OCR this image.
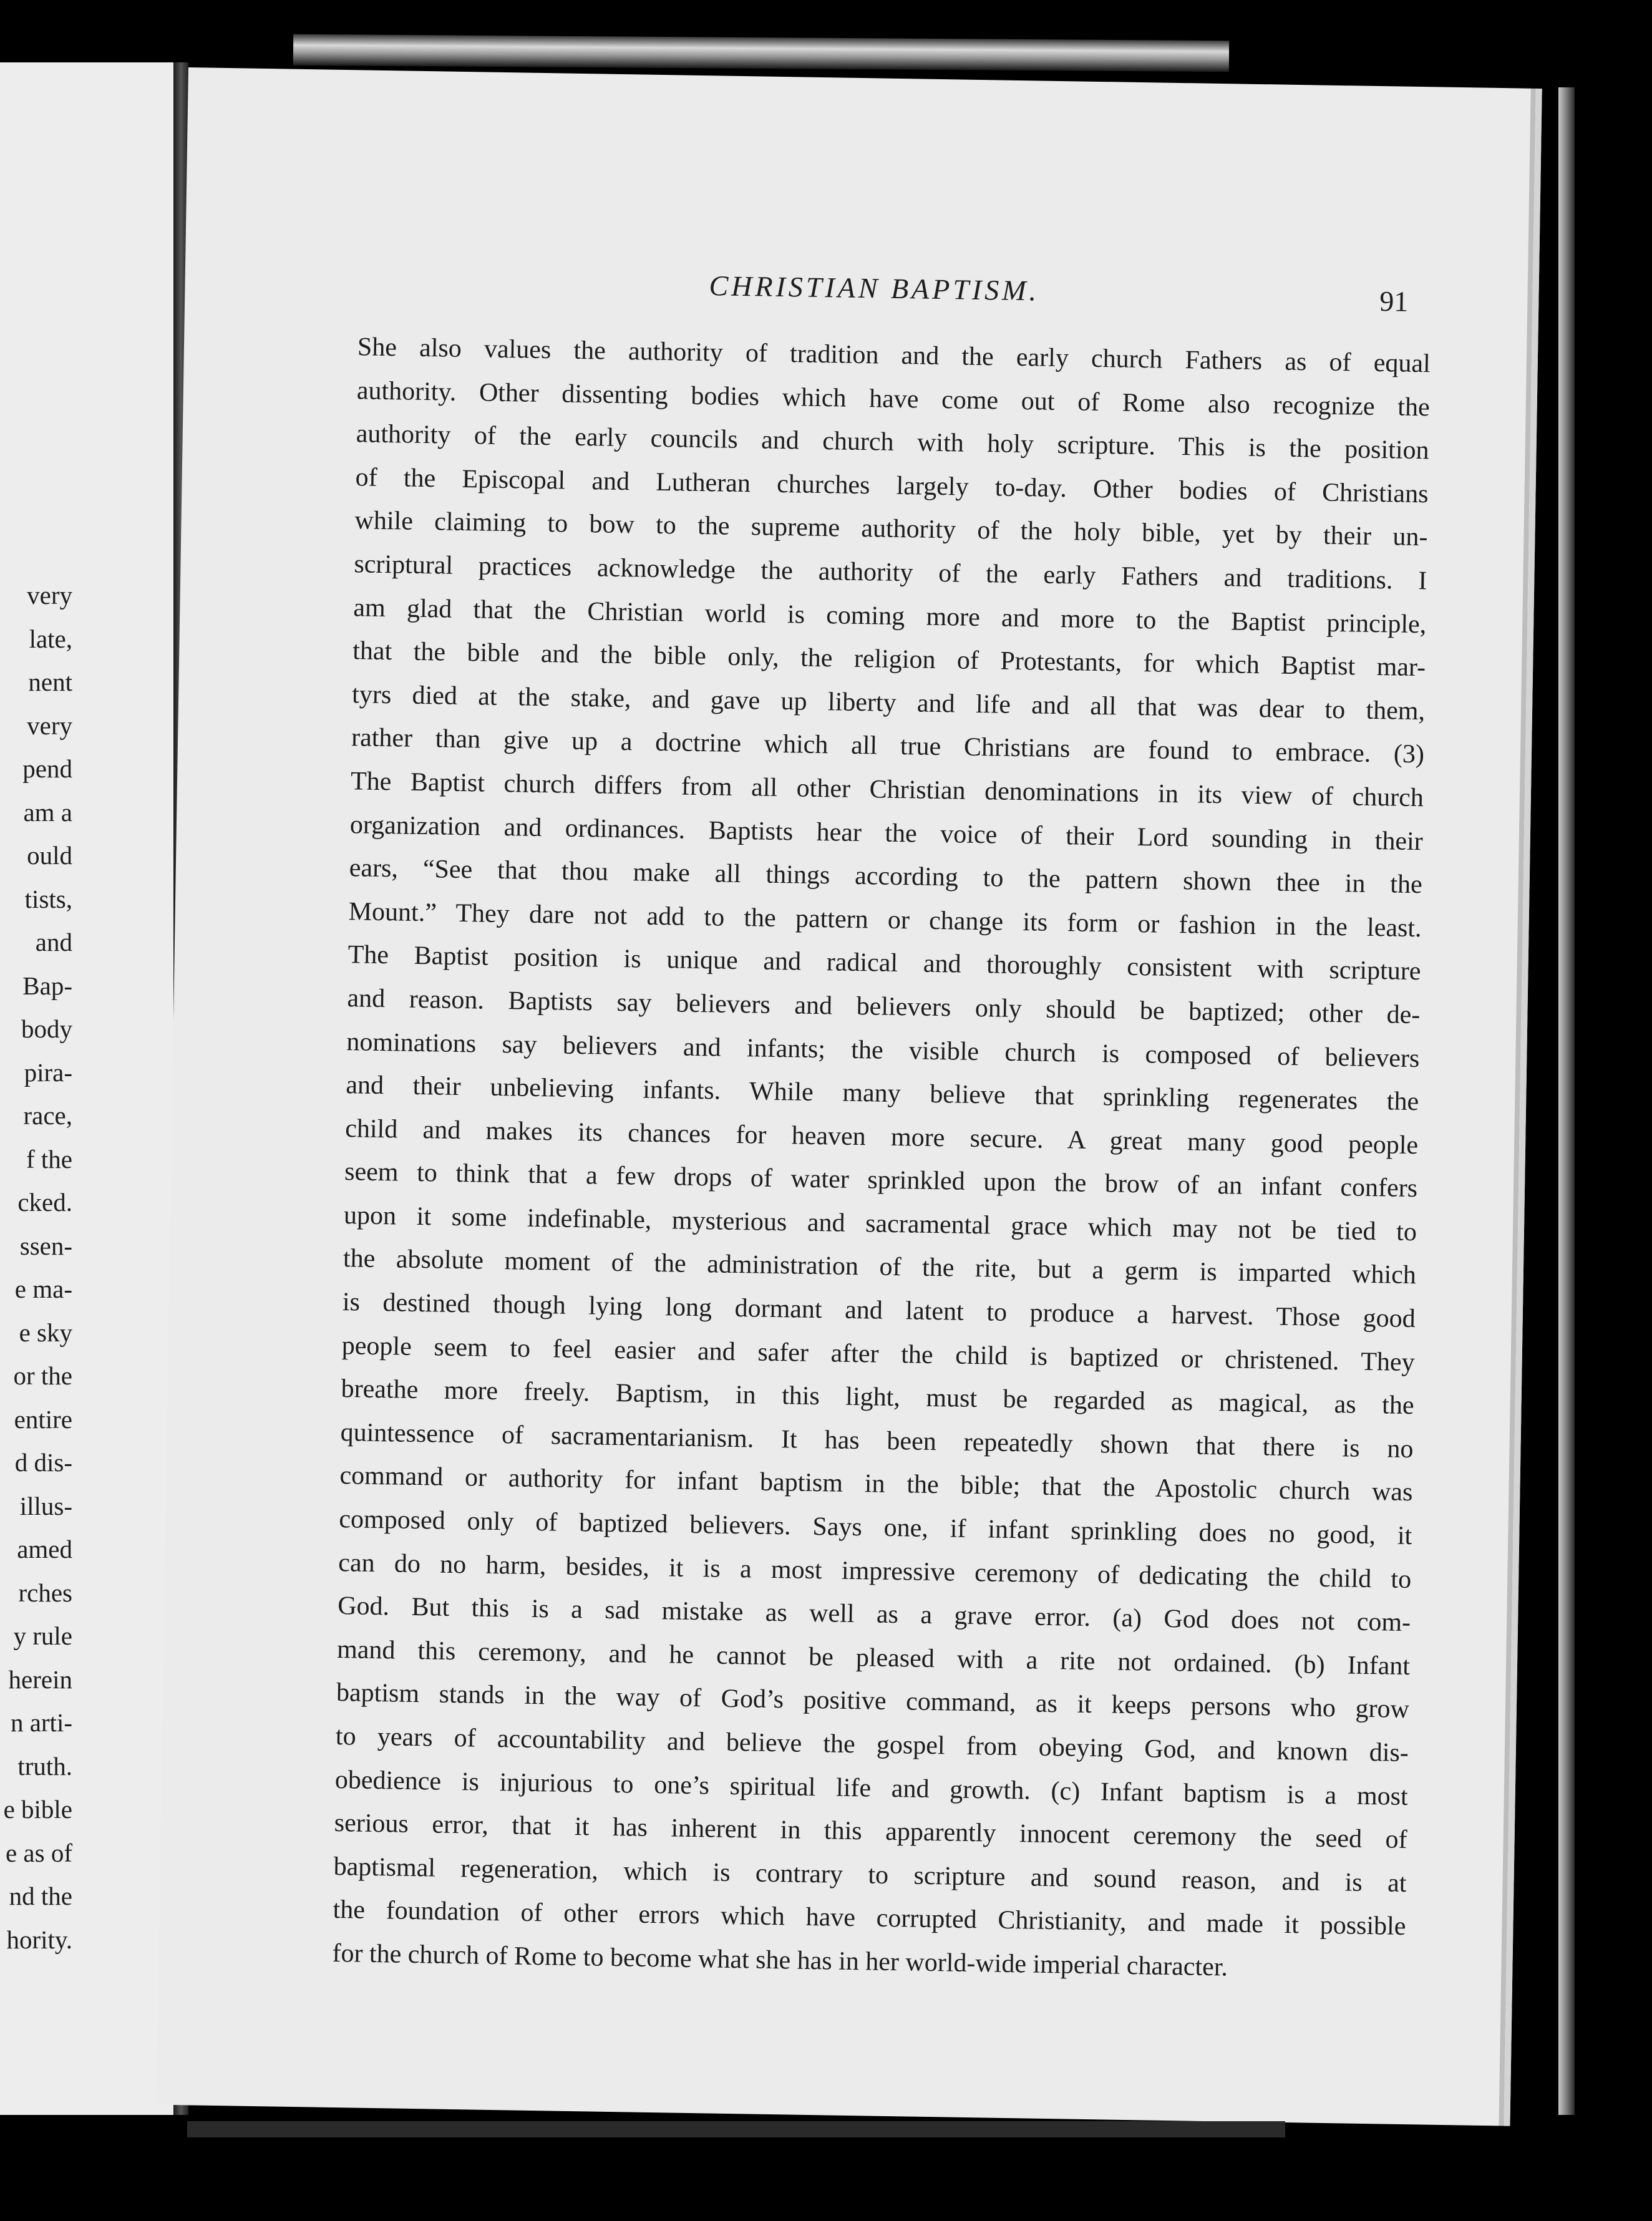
very
late,
nent
very
pend
am a
ould
tists,
and
Bap-
body
pira-
race,
f the
cked.
ssen-
e ma-
e sky
or the
entire
d dis-
illus-
amed
rches
y rule
herein
n arti-
truth.
e bible
e as of
nd the
hority.
CHRISTIAN BAPTISM.	91
She also values the authority of tradition and the early church Fathers as of equal
authority. Other dissenting bodies which have come out of Rome also recognize the
authority of the early councils and church with holy scripture. This is the position
of the Episcopal and Lutheran churches largely to-day. Other bodies of Christians
while claiming to bow to the supreme authority of the holy bible, yet by their un-
scriptural practices acknowledge the authority of the early Fathers and traditions. I
am glad that the Christian world is coming more and more to the Baptist principle,
that the bible and the bible only, the religion of Protestants, for which Baptist mar-
tyrs died at the stake, and gave up liberty and life and all that was dear to them,
rather than give up a doctrine which all true Christians are found to embrace. (3)
The Baptist church differs from all other Christian denominations in its view of church
organization and ordinances. Baptists hear the voice of their Lord sounding in their
ears, “See that thou make all things according to the pattern shown thee in the
Mount.” They dare not add to the pattern or change its form or fashion in the least.
The Baptist position is unique and radical and thoroughly consistent with scripture
and reason. Baptists say believers and believers only should be baptized; other de-
nominations say believers and infants; the visible church is composed of believers
and their unbelieving infants. While many believe that sprinkling regenerates the
child and makes its chances for heaven more secure. A great many good people
seem to think that a few drops of water sprinkled upon the brow of an infant confers
upon it some indefinable, mysterious and sacramental grace which may not be tied to
the absolute moment of the administration of the rite, but a germ is imparted which
is destined though lying long dormant and latent to produce a harvest. Those good
people seem to feel easier and safer after the child is baptized or christened. They
breathe more freely. Baptism, in this light, must be regarded as magical, as the
quintessence of sacramentarianism. It has been repeatedly shown that there is no
command or authority for infant baptism in the bible; that the Apostolic church was
composed only of baptized believers. Says one, if infant sprinkling does no good, it
can do no harm, besides, it is a most impressive ceremony of dedicating the child to
God. But this is a sad mistake as well as a grave error. (a) God does not com-
mand this ceremony, and he cannot be pleased with a rite not ordained. (b) Infant
baptism stands in the way of God’s positive command, as it keeps persons who grow
to years of accountability and believe the gospel from obeying God, and known dis-
obedience is injurious to one’s spiritual life and growth. (c) Infant baptism is a most
serious error, that it has inherent in this apparently innocent ceremony the seed of
baptismal regeneration, which is contrary to scripture and sound reason, and is at
the foundation of other errors which have corrupted Christianity, and made it possible
for the church of Rome to become what she has in her world-wide imperial character.
